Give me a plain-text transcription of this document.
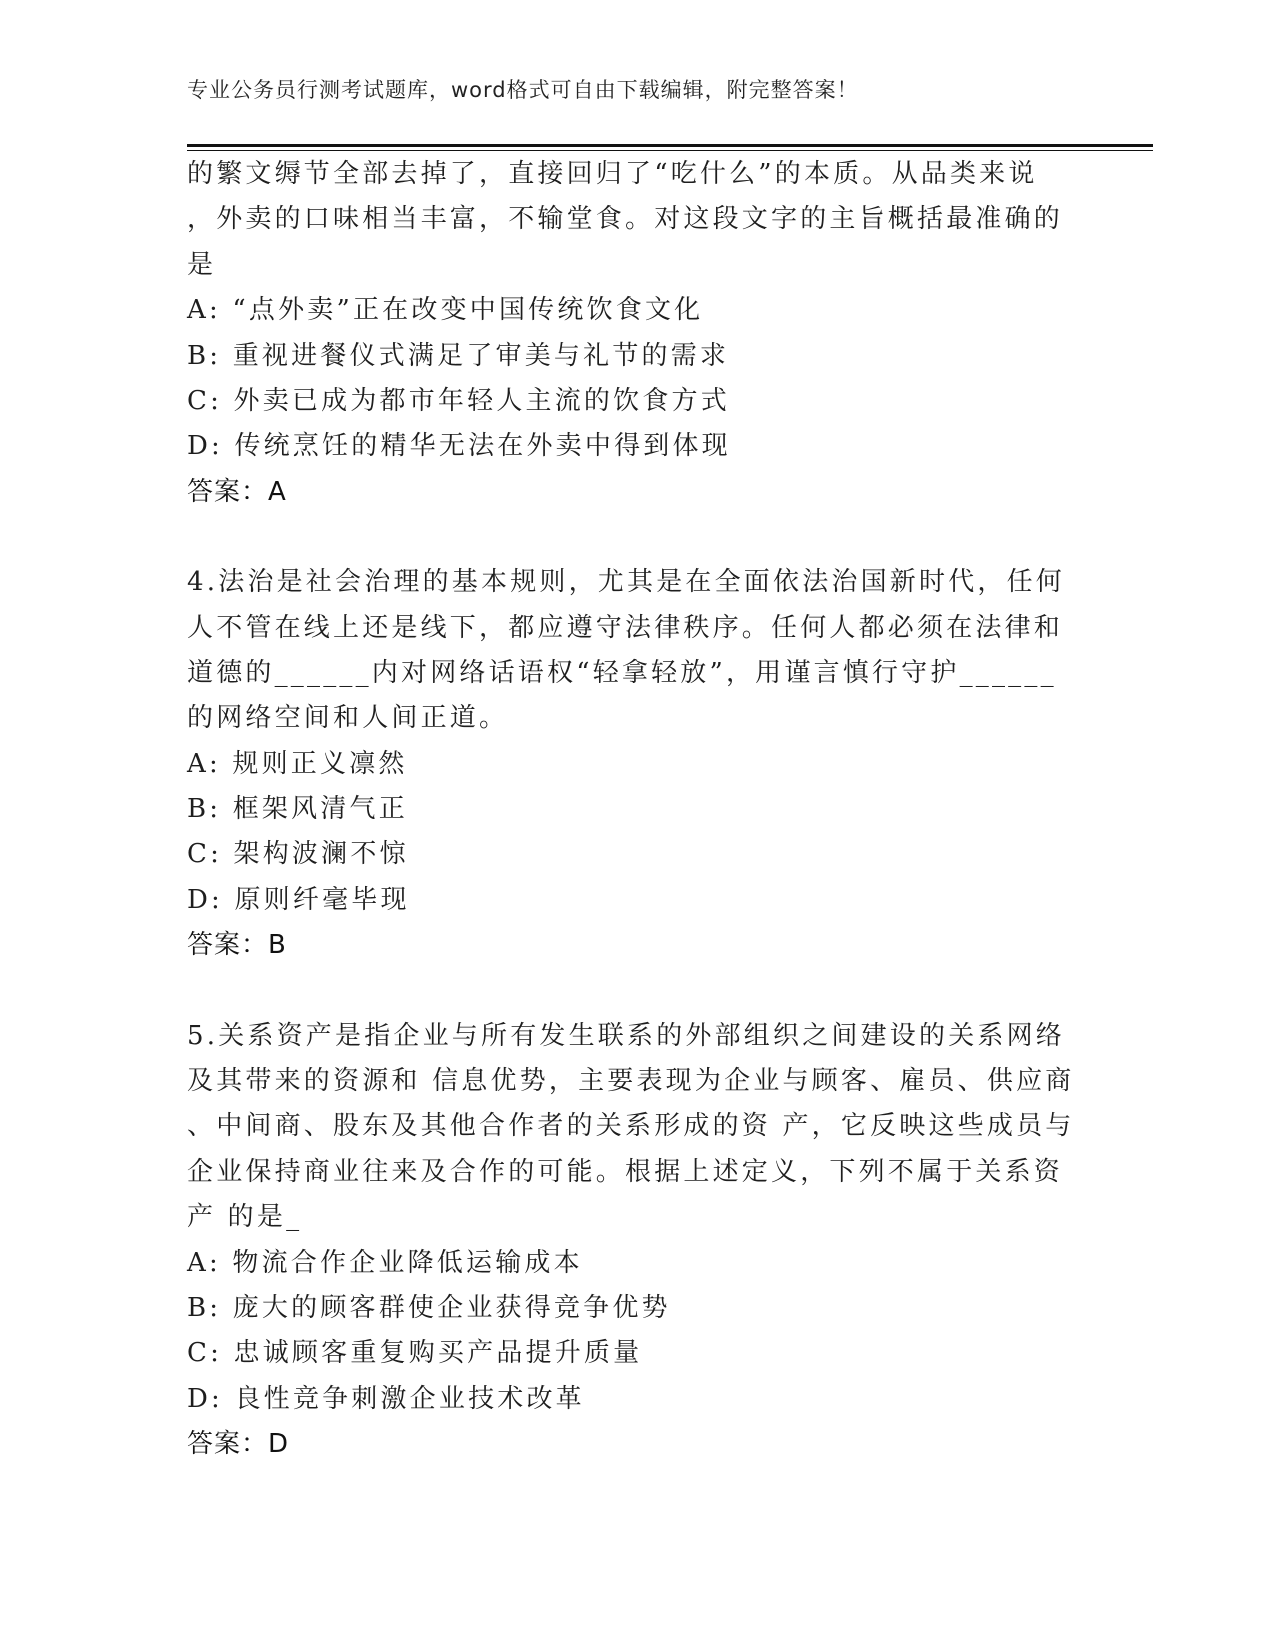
专业公务员行测考试题库，word格式可自由下载编辑，附完整答案！
的繁文缛节全部去掉了，直接回归了“吃什么”的本质。从品类来说
，外卖的口味相当丰富，不输堂食。对这段文字的主旨概括最准确的
是
A: “点外卖”正在改变中国传统饮食文化
B: 重视进餐仪式满足了审美与礼节的需求
C: 外卖已成为都市年轻人主流的饮食方式
D: 传统烹饪的精华无法在外卖中得到体现
答案：A
4.法治是社会治理的基本规则，尤其是在全面依法治国新时代，任何
人不管在线上还是线下，都应遵守法律秩序。任何人都必须在法律和
道德的______内对网络话语权“轻拿轻放”，用谨言慎行守护______
的网络空间和人间正道。
A: 规则正义凛然
B: 框架风清气正
C: 架构波澜不惊
D: 原则纤毫毕现
答案：B
5.关系资产是指企业与所有发生联系的外部组织之间建设的关系网络
及其带来的资源和 信息优势，主要表现为企业与顾客、雇员、供应商
、中间商、股东及其他合作者的关系形成的资 产，它反映这些成员与
企业保持商业往来及合作的可能。根据上述定义，下列不属于关系资
产 的是_
A: 物流合作企业降低运输成本
B: 庞大的顾客群使企业获得竞争优势
C: 忠诚顾客重复购买产品提升质量
D: 良性竞争刺激企业技术改革
答案：D
